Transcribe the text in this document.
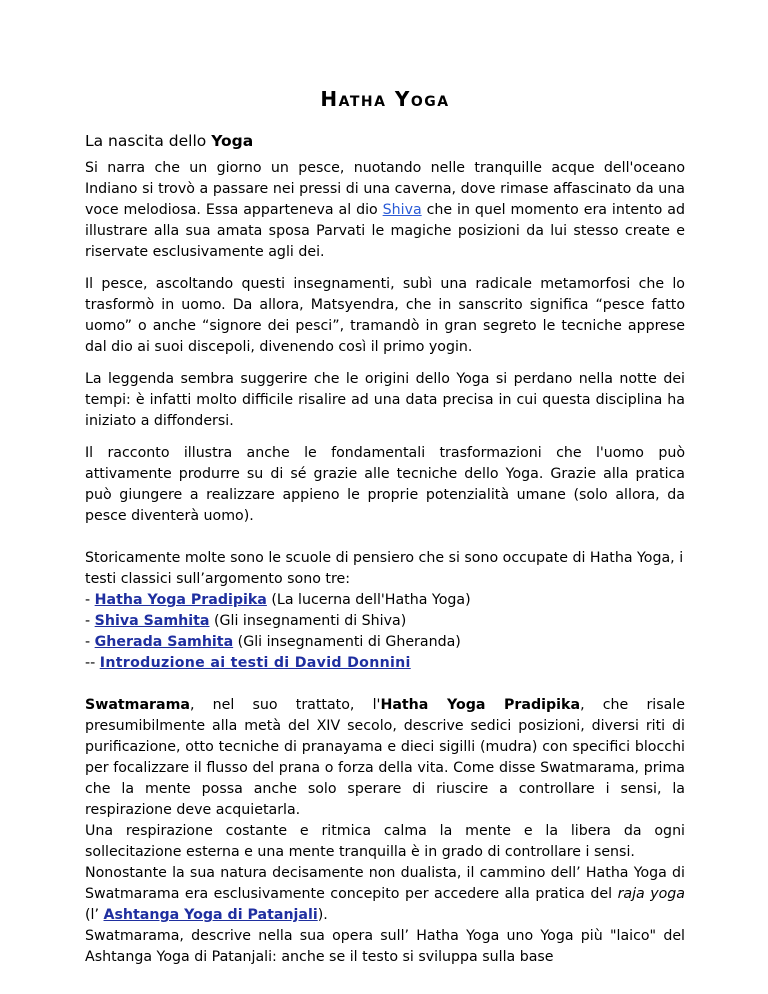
Hatha Yoga
La nascita dello Yoga

Si narra che un giorno un pesce, nuotando nelle tranquille acque dell'oceano Indiano si trovò a passare nei pressi di una caverna, dove rimase affascinato da una voce melodiosa. Essa apparteneva al dio Shiva che in quel momento era intento ad illustrare alla sua amata sposa Parvati le magiche posizioni da lui stesso create e riservate esclusivamente agli dei.

Il pesce, ascoltando questi insegnamenti, subì una radicale metamorfosi che lo trasformò in uomo. Da allora, Matsyendra, che in sanscrito significa “pesce fatto uomo” o anche “signore dei pesci”, tramandò in gran segreto le tecniche apprese dal dio ai suoi discepoli, divenendo così il primo yogin.

La leggenda sembra suggerire che le origini dello Yoga si perdano nella notte dei tempi: è infatti molto difficile risalire ad una data precisa in cui questa disciplina ha iniziato a diffondersi.

Il racconto illustra anche le fondamentali trasformazioni che l'uomo può attivamente produrre su di sé grazie alle tecniche dello Yoga. Grazie alla pratica può giungere a realizzare appieno le proprie potenzialità umane (solo allora, da pesce diventerà uomo).

Storicamente molte sono le scuole di pensiero che si sono occupate di Hatha Yoga, i testi classici sull’argomento sono tre:
- Hatha Yoga Pradipika (La lucerna dell'Hatha Yoga)
- Shiva Samhita (Gli insegnamenti di Shiva)
- Gherada Samhita (Gli insegnamenti di Gheranda)
-- Introduzione ai testi di David Donnini

Swatmarama, nel suo trattato, l'Hatha Yoga Pradipika, che risale presumibilmente alla metà del XIV secolo, descrive sedici posizioni, diversi riti di purificazione, otto tecniche di pranayama e dieci sigilli (mudra) con specifici blocchi per focalizzare il flusso del prana o forza della vita. Come disse Swatmarama, prima che la mente possa anche solo sperare di riuscire a controllare i sensi, la respirazione deve acquietarla.

Una respirazione costante e ritmica calma la mente e la libera da ogni sollecitazione esterna e una mente tranquilla è in grado di controllare i sensi.

Nonostante la sua natura decisamente non dualista, il cammino dell’ Hatha Yoga di Swatmarama era esclusivamente concepito per accedere alla pratica del raja yoga (l’ Ashtanga Yoga di Patanjali).

Swatmarama, descrive nella sua opera sull’ Hatha Yoga uno Yoga più "laico" del Ashtanga Yoga di Patanjali: anche se il testo si sviluppa sulla base
